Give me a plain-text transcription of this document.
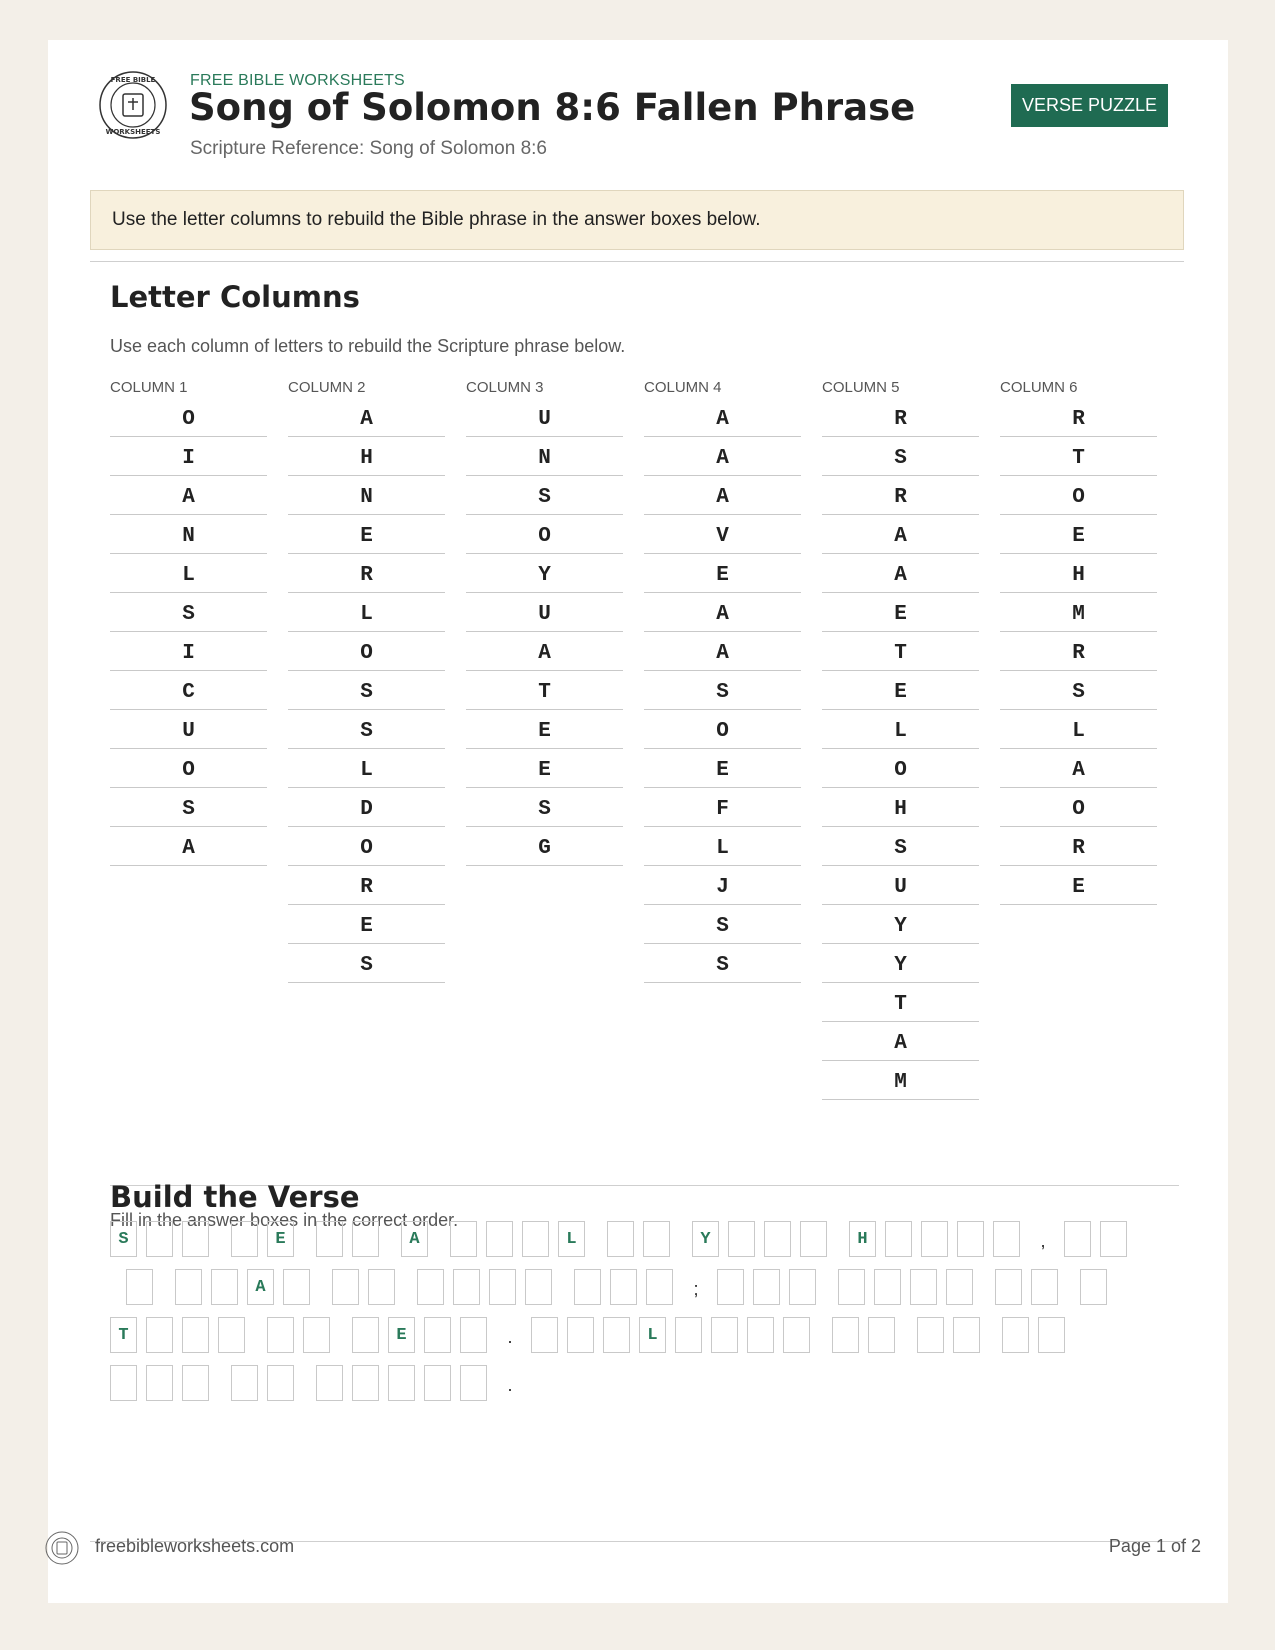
FREE BIBLE
WORKSHEETS
FREE BIBLE WORKSHEETS
Song of Solomon 8:6 Fallen Phrase
Scripture Reference: Song of Solomon 8:6
VERSE PUZZLE
Use the letter columns to rebuild the Bible phrase in the answer boxes below.
Letter Columns
Use each column of letters to rebuild the Scripture phrase below.
COLUMN 1
O
I
A
N
L
S
I
C
U
O
S
A
COLUMN 2
A
H
N
E
R
L
O
S
S
L
D
O
R
E
S
COLUMN 3
U
N
S
O
Y
U
A
T
E
E
S
G
COLUMN 4
A
A
A
V
E
A
A
S
O
E
F
L
J
S
S
COLUMN 5
R
S
R
A
A
E
T
E
L
O
H
S
U
Y
Y
T
A
M
COLUMN 6
R
T
O
E
H
M
R
S
L
A
O
R
E
Build the Verse
Fill in the answer boxes in the correct order.
S	E	A	L	Y	H	,
A	;
T	E	.	L
.
freebibleworksheets.com	Page 1 of 2
